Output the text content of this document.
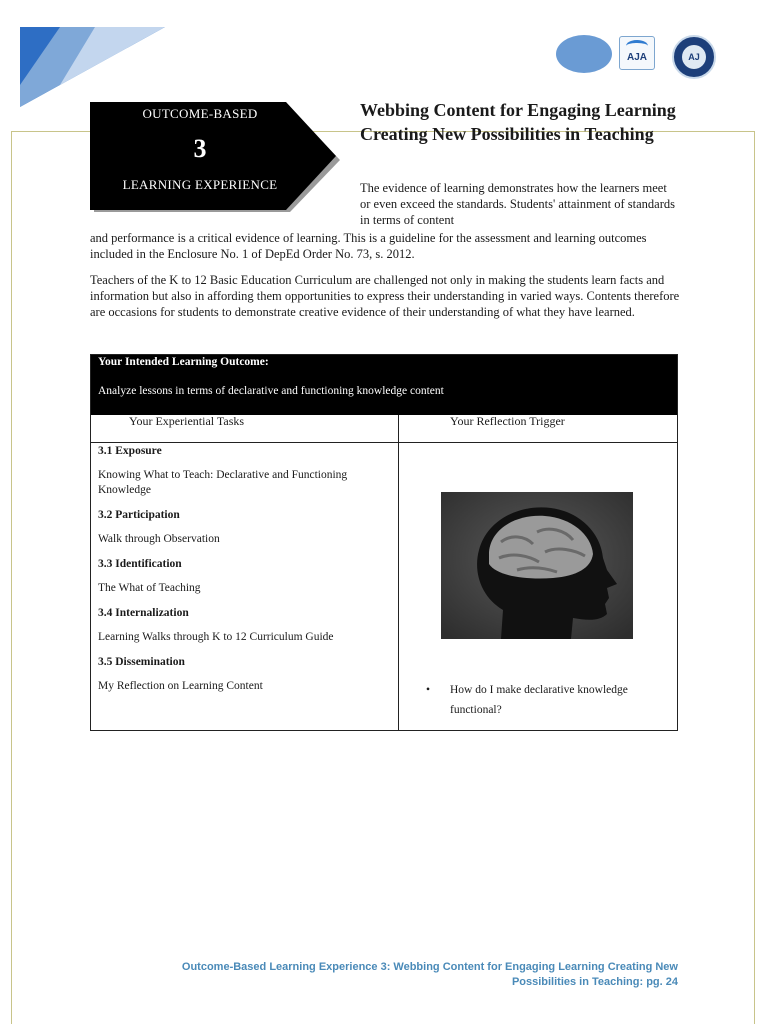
AJA	AJ
OUTCOME-BASED
3
LEARNING EXPERIENCE
Webbing Content for Engaging Learning Creating New Possibilities in Teaching

The evidence of learning demonstrates how the learners meet or even exceed the standards. Students' attainment of standards in terms of content

and performance is a critical evidence of learning. This is a guideline for the assessment and learning outcomes included in the Enclosure No. 1 of DepEd Order No. 73, s. 2012.

Teachers of the K to 12 Basic Education Curriculum are challenged not only in making the students learn facts and information but also in affording them opportunities to express their understanding in varied ways. Contents therefore are occasions for students to demonstrate creative evidence of their understanding of what they have learned.

Your Intended Learning Outcome:
Analyze lessons in terms of declarative and functioning knowledge content
Your Experiential Tasks	Your Reflection Trigger

3.1 Exposure

Knowing What to Teach: Declarative and Functioning Knowledge

3.2 Participation

Walk through Observation

3.3 Identification

The What of Teaching

3.4 Internalization

Learning Walks through K to 12 Curriculum Guide

3.5 Dissemination

My Reflection on Learning Content	•	How do I make declarative knowledge functional?
Outcome-Based Learning Experience 3: Webbing Content for Engaging Learning Creating New
Possibilities in Teaching: pg. 24
